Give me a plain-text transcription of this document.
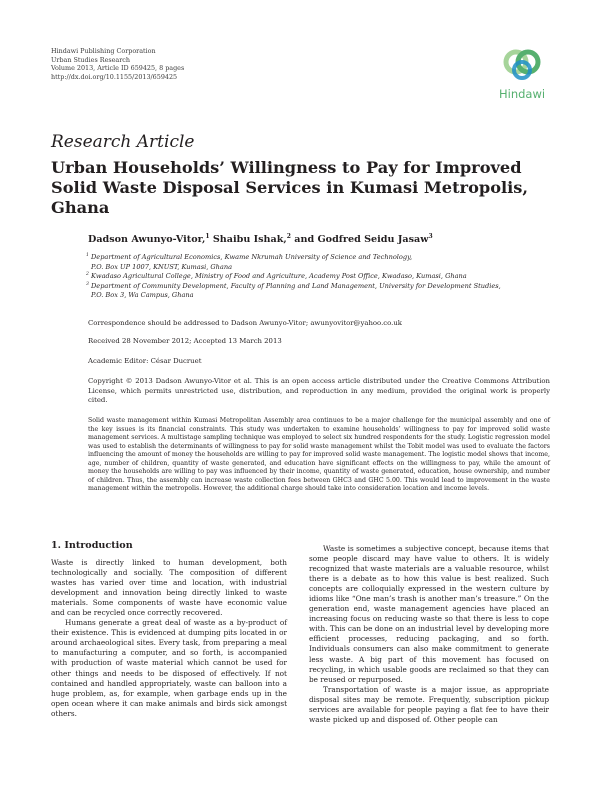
Hindawi Publishing Corporation
Urban Studies Research
Volume 2013, Article ID 659425, 8 pages
http://dx.doi.org/10.1155/2013/659425
Hindawi
Research Article
Urban Households’ Willingness to Pay for Improved Solid Waste Disposal Services in Kumasi Metropolis, Ghana
Dadson Awunyo-Vitor,$^1$ Shaibu Ishak,$^2$ and Godfred Seidu Jasaw$^3$
1 Department of Agricultural Economics, Kwame Nkrumah University of Science and Technology,
P.O. Box UP 1007, KNUST, Kumasi, Ghana
2 Kwadaso Agricultural College, Ministry of Food and Agriculture, Academy Post Office, Kwadaso, Kumasi, Ghana
3 Department of Community Development, Faculty of Planning and Land Management, University for Development Studies,
P.O. Box 3, Wa Campus, Ghana
Correspondence should be addressed to Dadson Awunyo-Vitor; awunyovitor@yahoo.co.uk
Received 28 November 2012; Accepted 13 March 2013
Academic Editor: César Ducruet
Copyright © 2013 Dadson Awunyo-Vitor et al. This is an open access article distributed under the Creative Commons Attribution License, which permits unrestricted use, distribution, and reproduction in any medium, provided the original work is properly cited.
Solid waste management within Kumasi Metropolitan Assembly area continues to be a major challenge for the municipal assembly and one of the key issues is its financial constraints. This study was undertaken to examine households’ willingness to pay for improved solid waste management services. A multistage sampling technique was employed to select six hundred respondents for the study. Logistic regression model was used to establish the determinants of willingness to pay for solid waste management whilst the Tobit model was used to evaluate the factors influencing the amount of money the households are willing to pay for improved solid waste management. The logistic model shows that income, age, number of children, quantity of waste generated, and education have significant effects on the willingness to pay, while the amount of money the households are willing to pay was influenced by their income, quantity of waste generated, education, house ownership, and number of children. Thus, the assembly can increase waste collection fees between GHC3 and GHC 5.00. This would lead to improvement in the waste management within the metropolis. However, the additional charge should take into consideration location and income levels.
1. Introduction

Waste is directly linked to human development, both technologically and socially. The composition of different wastes has varied over time and location, with industrial development and innovation being directly linked to waste materials. Some components of waste have economic value and can be recycled once correctly recovered.

Humans generate a great deal of waste as a by-product of their existence. This is evidenced at dumping pits located in or around archaeological sites. Every task, from preparing a meal to manufacturing a computer, and so forth, is accompanied with production of waste material which cannot be used for other things and needs to be disposed of effectively. If not contained and handled appropriately, waste can balloon into a huge problem, as, for example, when garbage ends up in the open ocean where it can make animals and birds sick amongst others.

Waste is sometimes a subjective concept, because items that some people discard may have value to others. It is widely recognized that waste materials are a valuable resource, whilst there is a debate as to how this value is best realized. Such concepts are colloquially expressed in the western culture by idioms like “One man’s trash is another man’s treasure.” On the generation end, waste management agencies have placed an increasing focus on reducing waste so that there is less to cope with. This can be done on an industrial level by developing more efficient processes, reducing packaging, and so forth. Individuals consumers can also make commitment to generate less waste. A big part of this movement has focused on recycling, in which usable goods are reclaimed so that they can be reused or repurposed.

Transportation of waste is a major issue, as appropriate disposal sites may be remote. Frequently, subscription pickup services are available for people paying a flat fee to have their waste picked up and disposed of. Other people can
